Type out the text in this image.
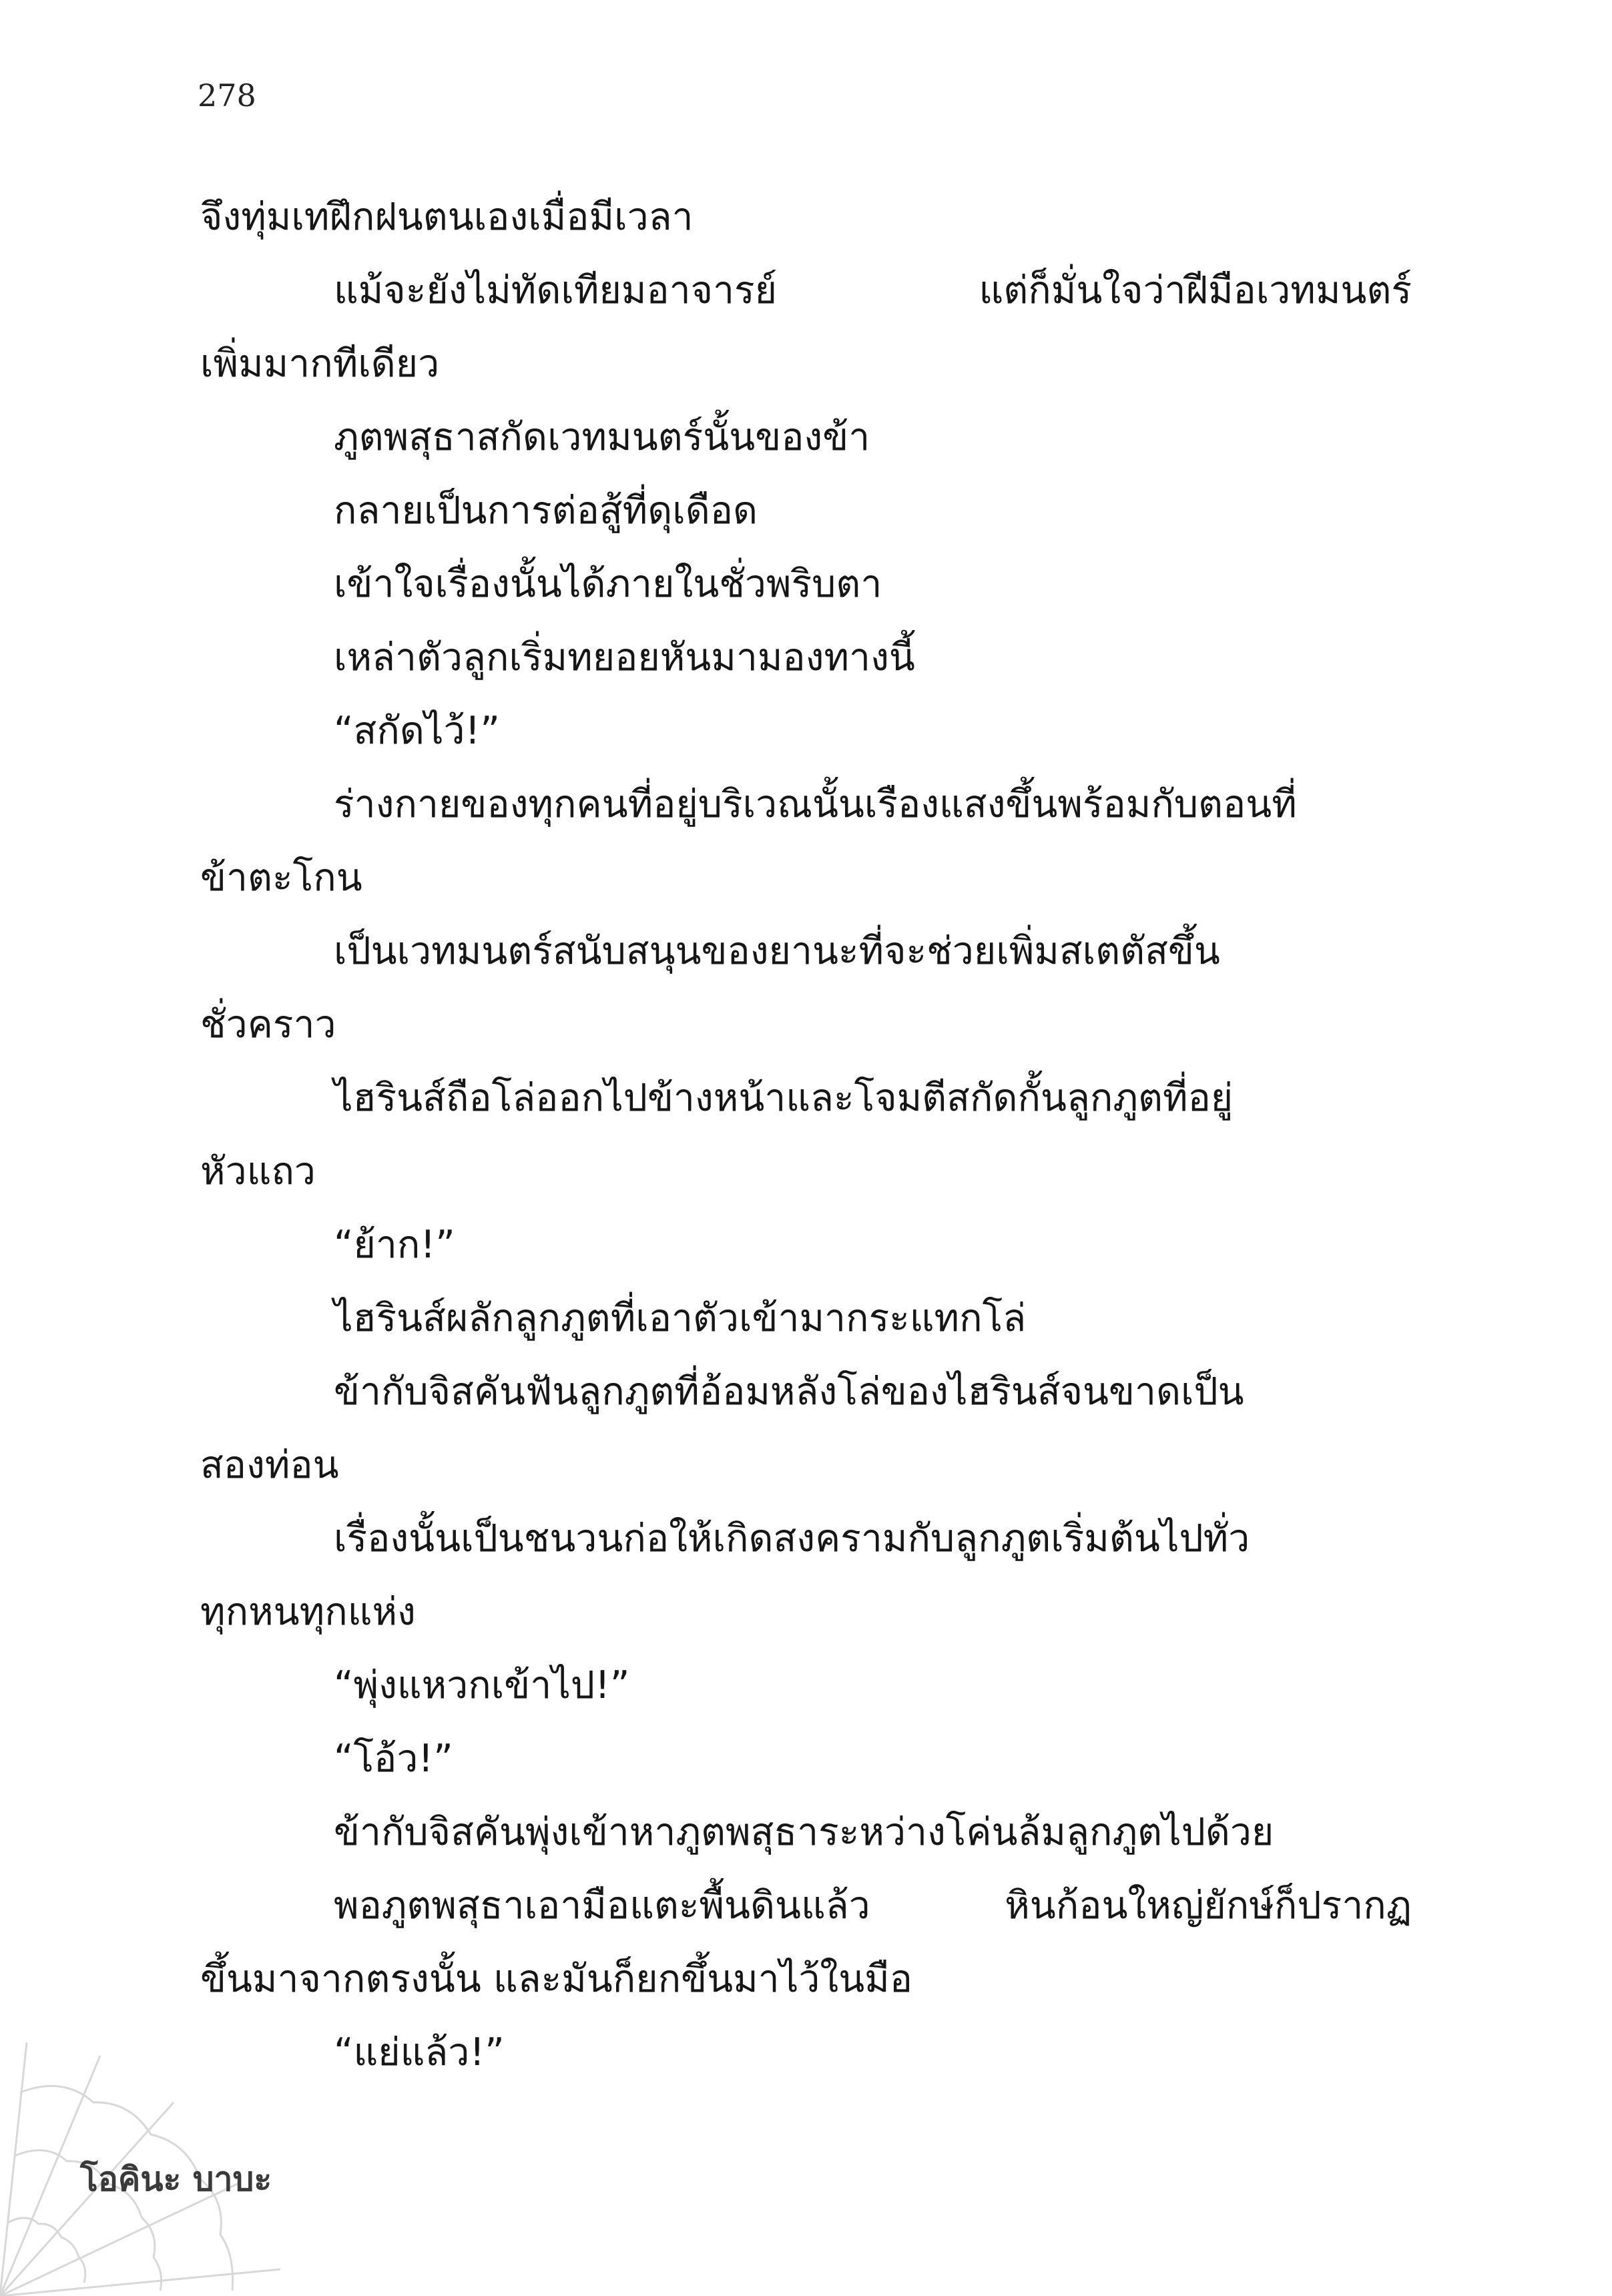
278
จึงทุ่มเทฝึกฝนตนเองเมื่อมีเวลา
แม้จะยังไม่ทัดเทียมอาจารย์ แต่ก็มั่นใจว่าฝีมือเวทมนตร์
เพิ่มมากทีเดียว
ภูตพสุธาสกัดเวทมนตร์นั้นของข้า
กลายเป็นการต่อสู้ที่ดุเดือด
เข้าใจเรื่องนั้นได้ภายในชั่วพริบตา
เหล่าตัวลูกเริ่มทยอยหันมามองทางนี้
“สกัดไว้!”
ร่างกายของทุกคนที่อยู่บริเวณนั้นเรืองแสงขึ้นพร้อมกับตอนที่
ข้าตะโกน
เป็นเวทมนตร์สนับสนุนของยานะที่จะช่วยเพิ่มสเตตัสขึ้น
ชั่วคราว
ไฮรินส์ถือโล่ออกไปข้างหน้าและโจมตีสกัดกั้นลูกภูตที่อยู่
หัวแถว
“ย้าก!”
ไฮรินส์ผลักลูกภูตที่เอาตัวเข้ามากระแทกโล่
ข้ากับจิสคันฟันลูกภูตที่อ้อมหลังโล่ของไฮรินส์จนขาดเป็น
สองท่อน
เรื่องนั้นเป็นชนวนก่อให้เกิดสงครามกับลูกภูตเริ่มต้นไปทั่ว
ทุกหนทุกแห่ง
“พุ่งแหวกเข้าไป!”
“โอ้ว!”
ข้ากับจิสคันพุ่งเข้าหาภูตพสุธาระหว่างโค่นล้มลูกภูตไปด้วย
พอภูตพสุธาเอามือแตะพื้นดินแล้ว หินก้อนใหญ่ยักษ์ก็ปรากฏ
ขึ้นมาจากตรงนั้น และมันก็ยกขึ้นมาไว้ในมือ
“แย่แล้ว!”
โอคินะ บาบะ
